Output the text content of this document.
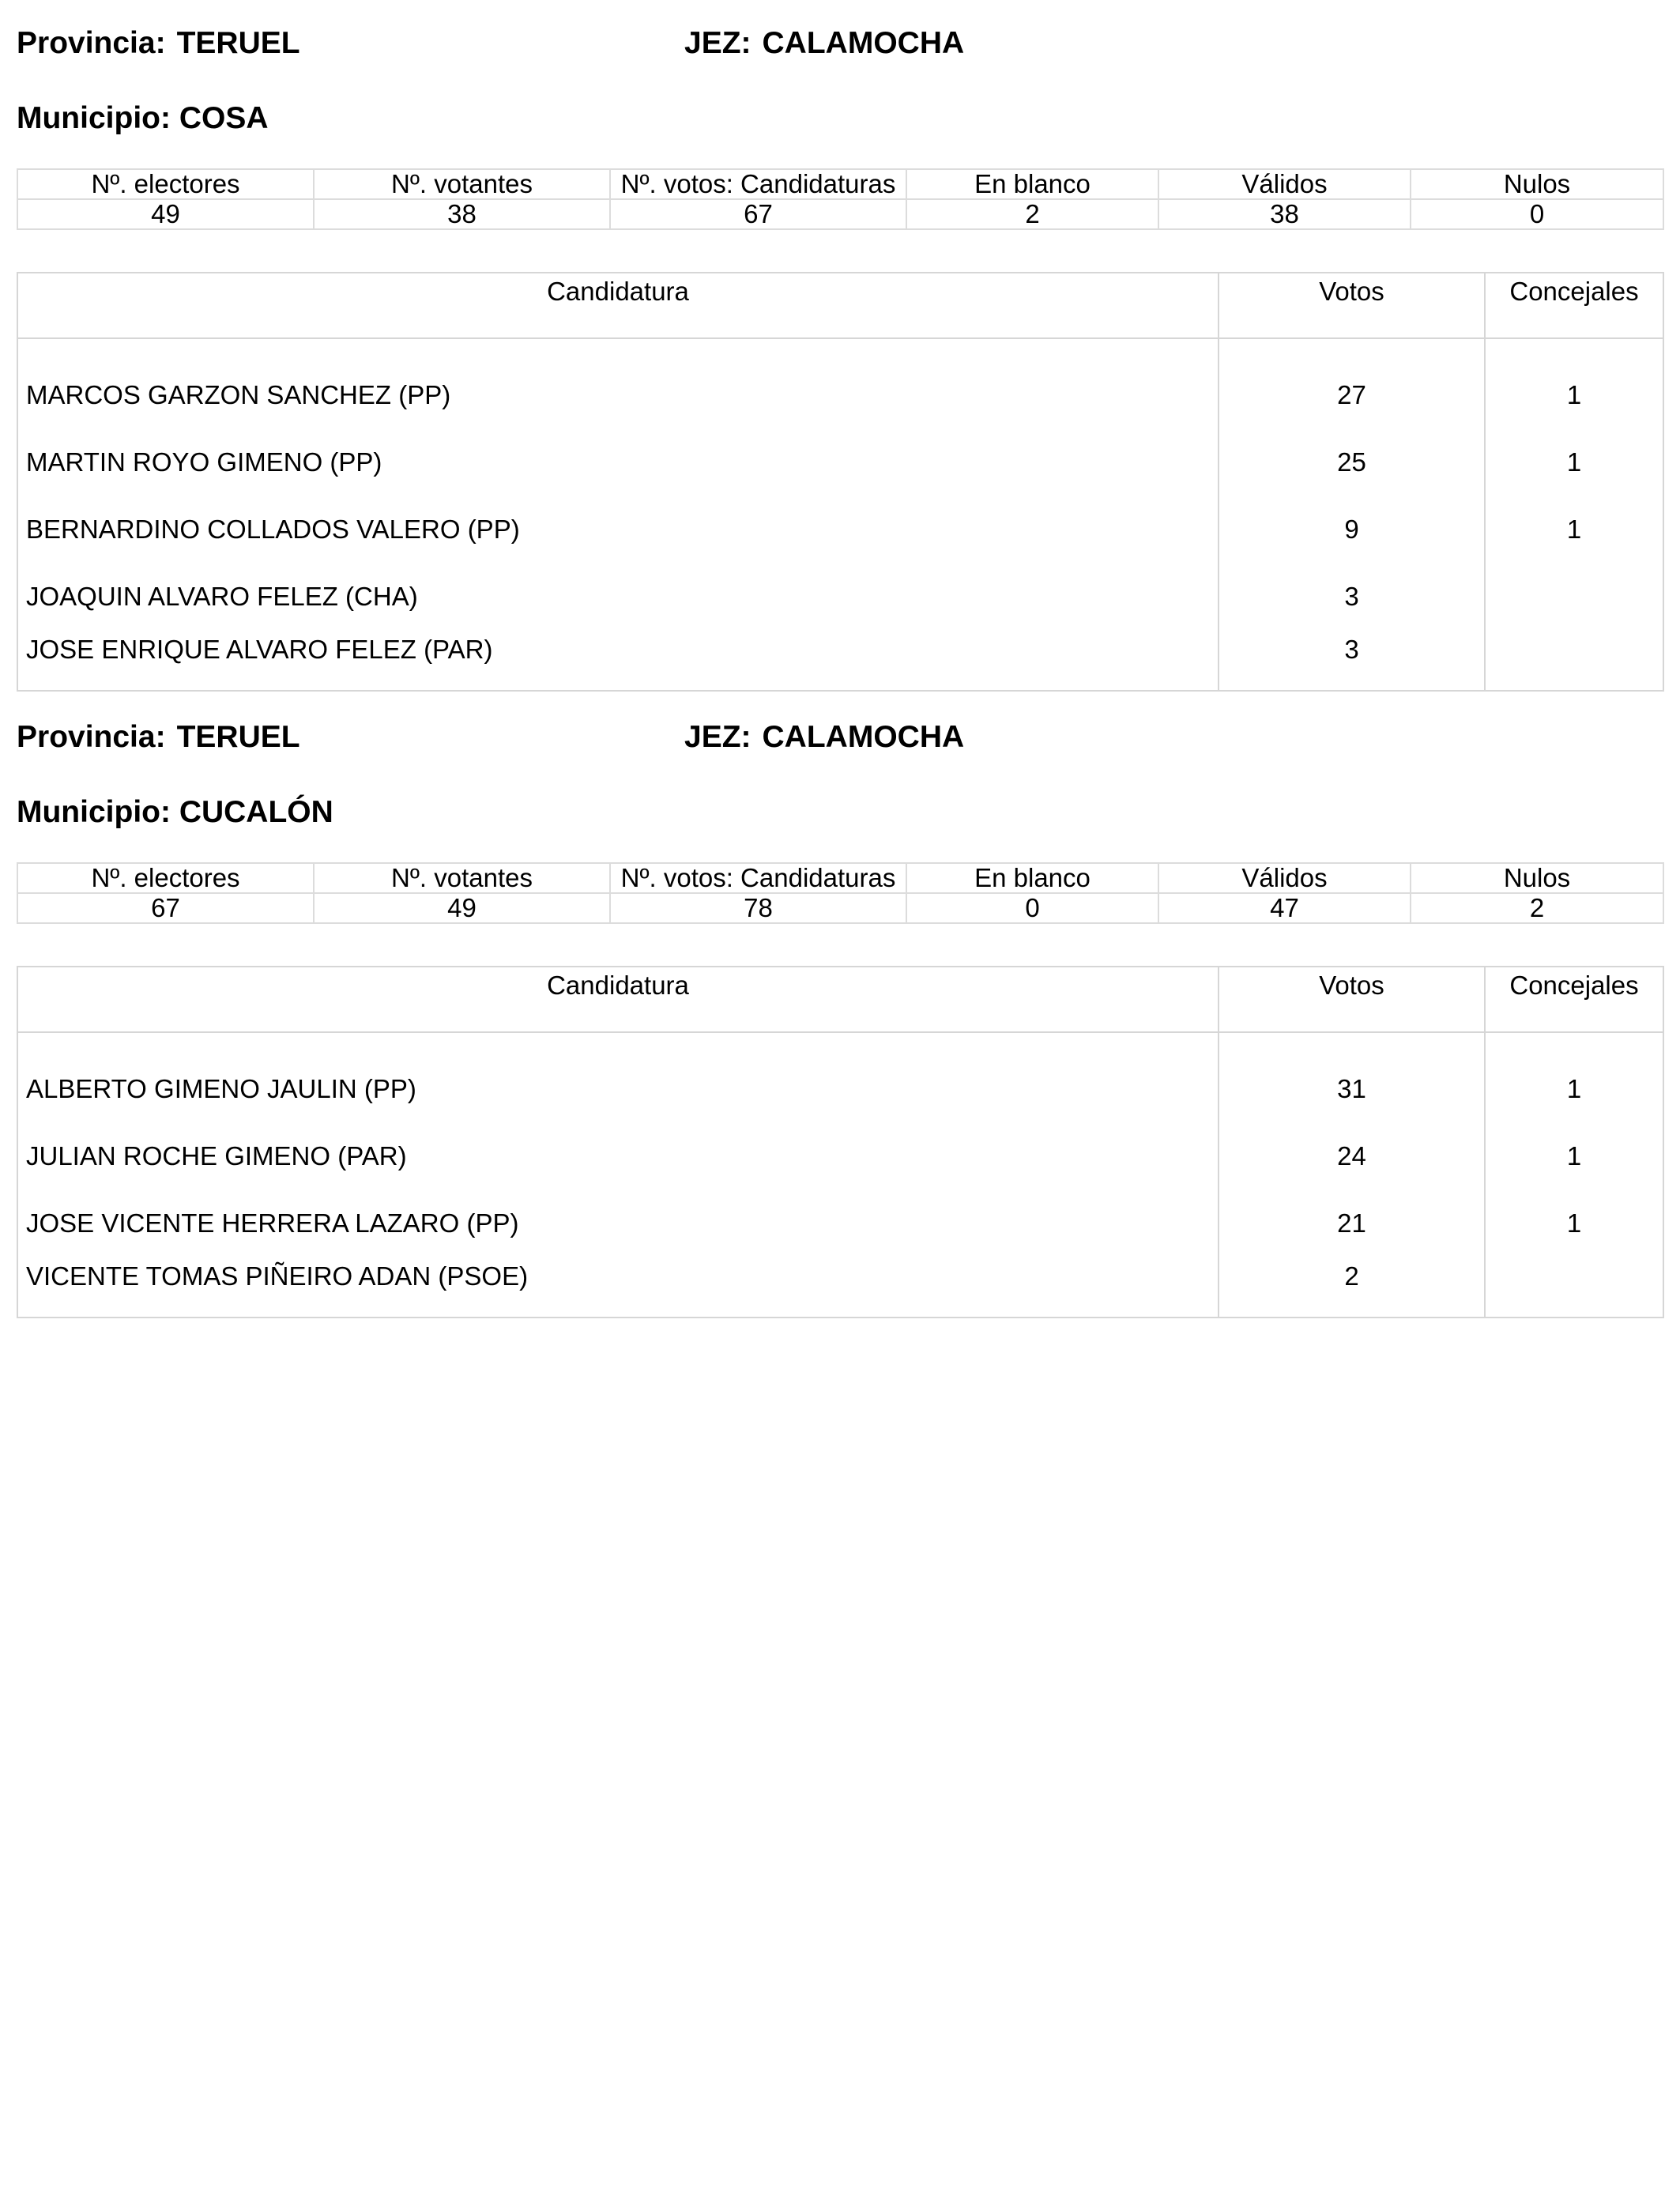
Provincia: TERUEL	JEZ: CALAMOCHA
Municipio: COSA
Nº. electores	Nº. votantes	Nº. votos: Candidaturas	En blanco	Válidos	Nulos
49	38	67	2	38	0
Candidatura	Votos	Concejales
MARCOS GARZON SANCHEZ (PP)	27	1
MARTIN ROYO GIMENO (PP)	25	1
BERNARDINO COLLADOS VALERO (PP)	9	1
JOAQUIN ALVARO FELEZ (CHA)	3	
JOSE ENRIQUE ALVARO FELEZ (PAR)	3	
Provincia: TERUEL	JEZ: CALAMOCHA
Municipio: CUCALÓN
Nº. electores	Nº. votantes	Nº. votos: Candidaturas	En blanco	Válidos	Nulos
67	49	78	0	47	2
Candidatura	Votos	Concejales
ALBERTO GIMENO JAULIN (PP)	31	1
JULIAN ROCHE GIMENO (PAR)	24	1
JOSE VICENTE HERRERA LAZARO (PP)	21	1
VICENTE TOMAS PIÑEIRO ADAN (PSOE)	2	
